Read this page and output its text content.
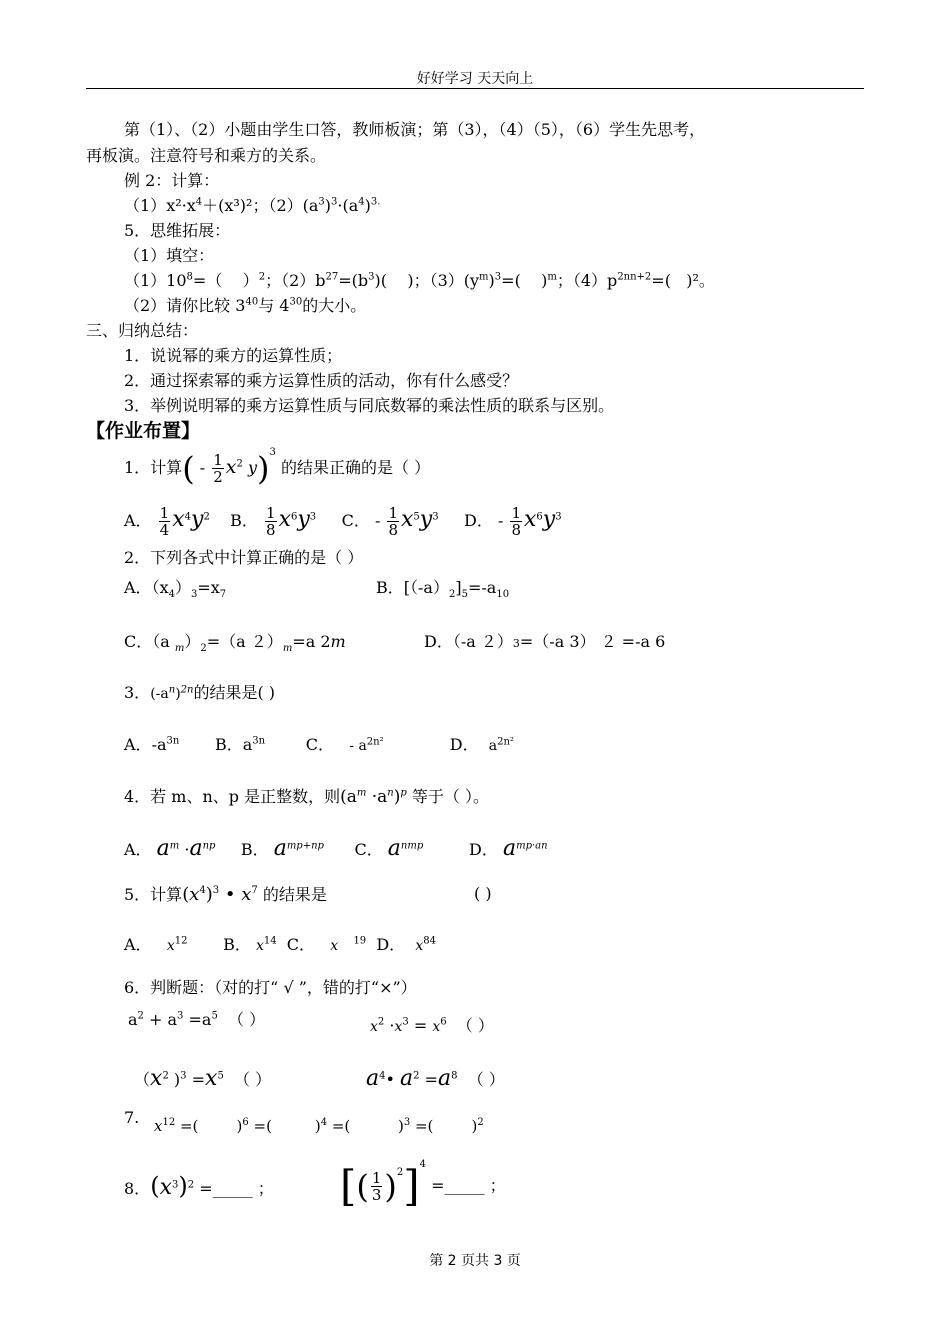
好好学习 天天向上
第（1）、（2）小题由学生口答，教师板演；第（3），（4）（5），（6）学生先思考，
再板演。注意符号和乘方的关系。
例 2：计算：
$(1)x^2\cdot x^4+(x^3)^2$；$(2)(a^3)^3\cdot(a^4)^{3.}$
5．思维拓展：
（1）填空：
$(1)10^8=$（    ）$^2$；$(2)b^{27}=(b^3)$(    )；$(3)(y^m)^3=$(    )$^m$；$(4)p^{2nn+2}=$(   )²。
（2）请你比较 $3^{40}$与 $4^{30}$的大小。
三、归纳总结：
1．说说幂的乘方的运算性质；
2．通过探索幂的乘方运算性质的活动，你有什么感受？
3．举例说明幂的乘方运算性质与同底数幂的乘法性质的联系与区别。
【作业布置】
1．计算( - $\frac{1}{2} x^2$ y)$^3$ 的结果正确的是（ ）
A． $\frac{1}{4} x^4y^2$ B． $\frac{1}{8} x^6y^3$ C． - $\frac{1}{8} x^5y^3$ D． - $\frac{1}{8} x^6y^3$
2．下列各式中计算正确的是（ ）
A．$(x_4)_3=x_7$	B．$[(-a)_2]_5=-a_{10}$
C．（a $_m)_2=(a$ $2)_m=a$ 2m	D．（-a ２）3=（-a 3） ２ =-a 6
3．$(-a^n)^{2n}$的结果是( )
A．$-a^{3n}$ B．$a^{3n}$	C． - $a^{2n^2}$	D． $a^{2n^2}$
4．若 m、n、p 是正整数，则$(a^m \cdot a^n)^p$ 等于（ ）。
A． $a^m \cdot a^{np}$ B． $a^{mp+np}$ C． $a^{nmp}$	D． $a^{mp\cdot an}$
5．计算$(x^4)^3$ • $x^7$ 的结果是	( )
A． $x^{12}$ B． $x^{14}$ C． x $^{19}$ D． $x^{84}$
6．判断题：（对的打“ √ ”，错的打“×”）
$a^2 + a^3 =a^5$ （ ）	$x^2 \cdot x^3 = x^6$ （ ）
（$x^2$ )$^3 =x^5$ （ ）	$a^4•$ $a^2 =a^8$ （ ）
7. $x^{12}$ =(        )$^6$ =(         )$^4$ =(          )$^3$ =(        )$^2$
8．$(x^3)^2$ =_____ ； [( $\frac{1}{3} )^2]^4$ =_____ ；
第 2 页共 3 页
